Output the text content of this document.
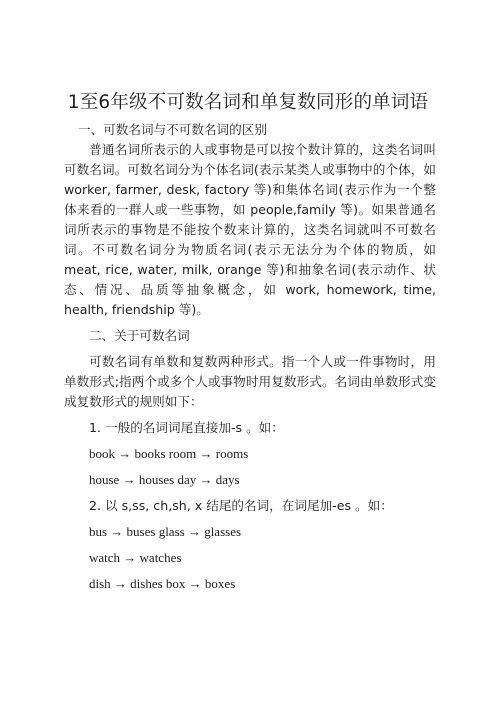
1至6年级不可数名词和单复数同形的单词语

一、可数名词与不可数名词的区别

普通名词所表示的人或事物是可以按个数计算的，这类名词叫可数名词。可数名词分为个体名词(表示某类人或事物中的个体，如 worker, farmer, desk, factory 等)和集体名词(表示作为一个整体来看的一群人或一些事物，如 people,family 等)。如果普通名词所表示的事物是不能按个数来计算的，这类名词就叫不可数名词。不可数名词分为物质名词(表示无法分为个体的物质，如 meat, rice, water, milk, orange 等)和抽象名词(表示动作、状态、情况、品质等抽象概念，如 work, homework, time, health, friendship 等)。

二、关于可数名词

可数名词有单数和复数两种形式。指一个人或一件事物时，用单数形式;指两个或多个人或事物时用复数形式。名词由单数形式变成复数形式的规则如下：

1. 一般的名词词尾直接加-s 。如：

book → books room → rooms

house → houses day → days

2. 以 s,ss, ch,sh, x 结尾的名词，在词尾加-es 。如：

bus → buses glass → glasses

watch → watches

dish → dishes box → boxes
